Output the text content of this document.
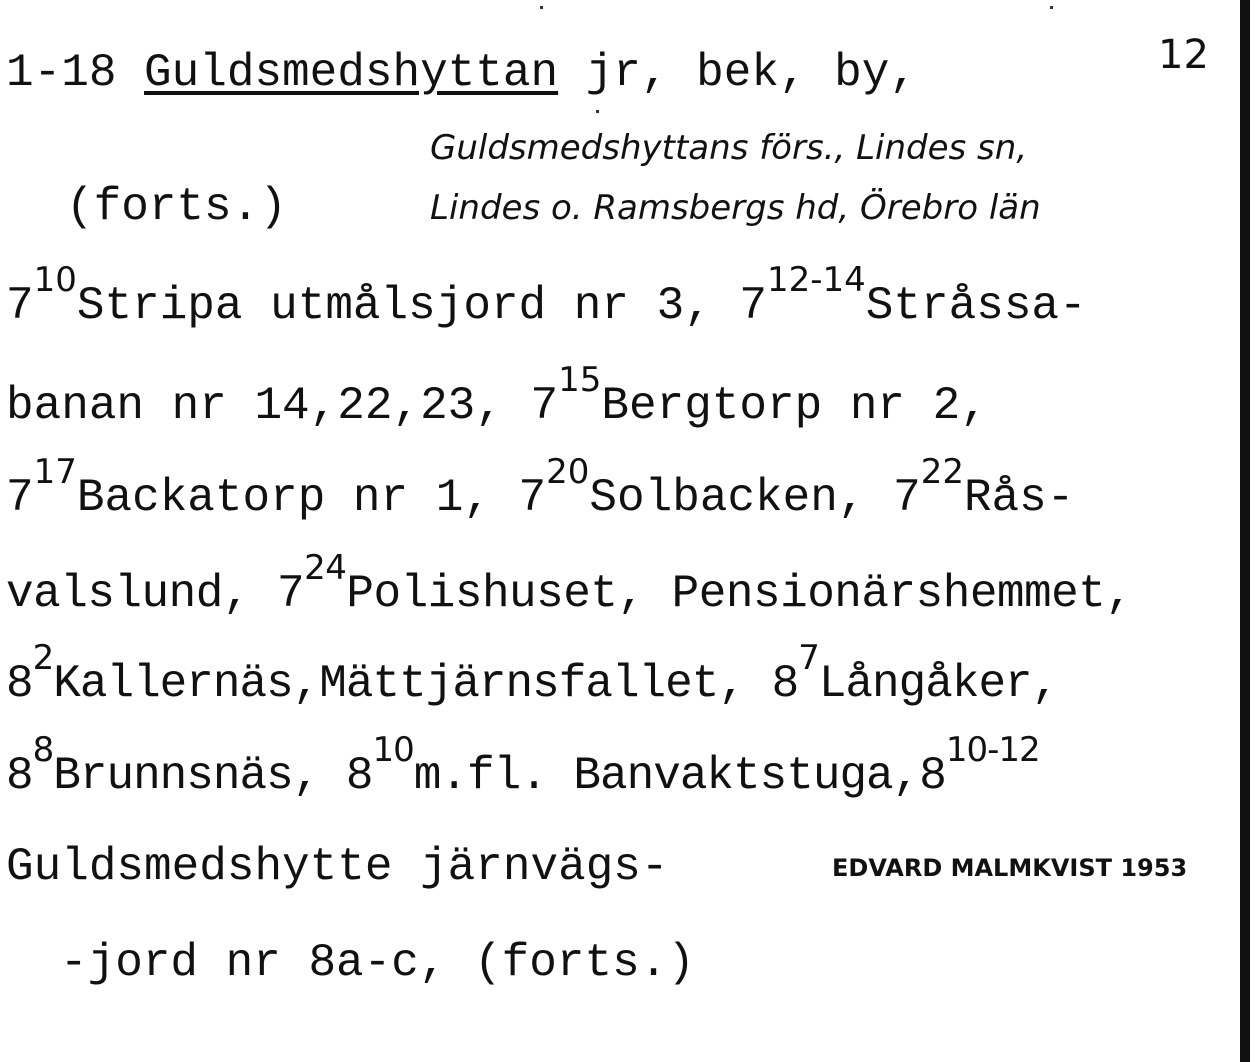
1-18 Guldsmedshyttan jr, bek, by,	12
Guldsmedshyttans förs., Lindes sn,
(forts.)	Lindes o. Ramsbergs hd, Örebro län
$7^{10}Stripa$ utmålsjord nr 3, 7$^{12-14}$Stråssa-
banan nr 14,22,23, $7^{15}Bergtorp$ nr 2,
$7^{17}Backatorp$ nr 1, $7^{20}Solbacken$, $7^{22}Rås-$
valslund, $7^{24}Polishuset$, Pensionärshemmet,
$8^2Kallernäs,Mättjärnsfallet$, $8^7Långåker$,
$8^8Brunnsnäs$, $8^{10}m.fl$. Banvaktstuga,8$^{10-12}$
Guldsmedshytte järnvägs-	EDVARD MALMKVIST 1953
-jord nr 8a-c, (forts.)
